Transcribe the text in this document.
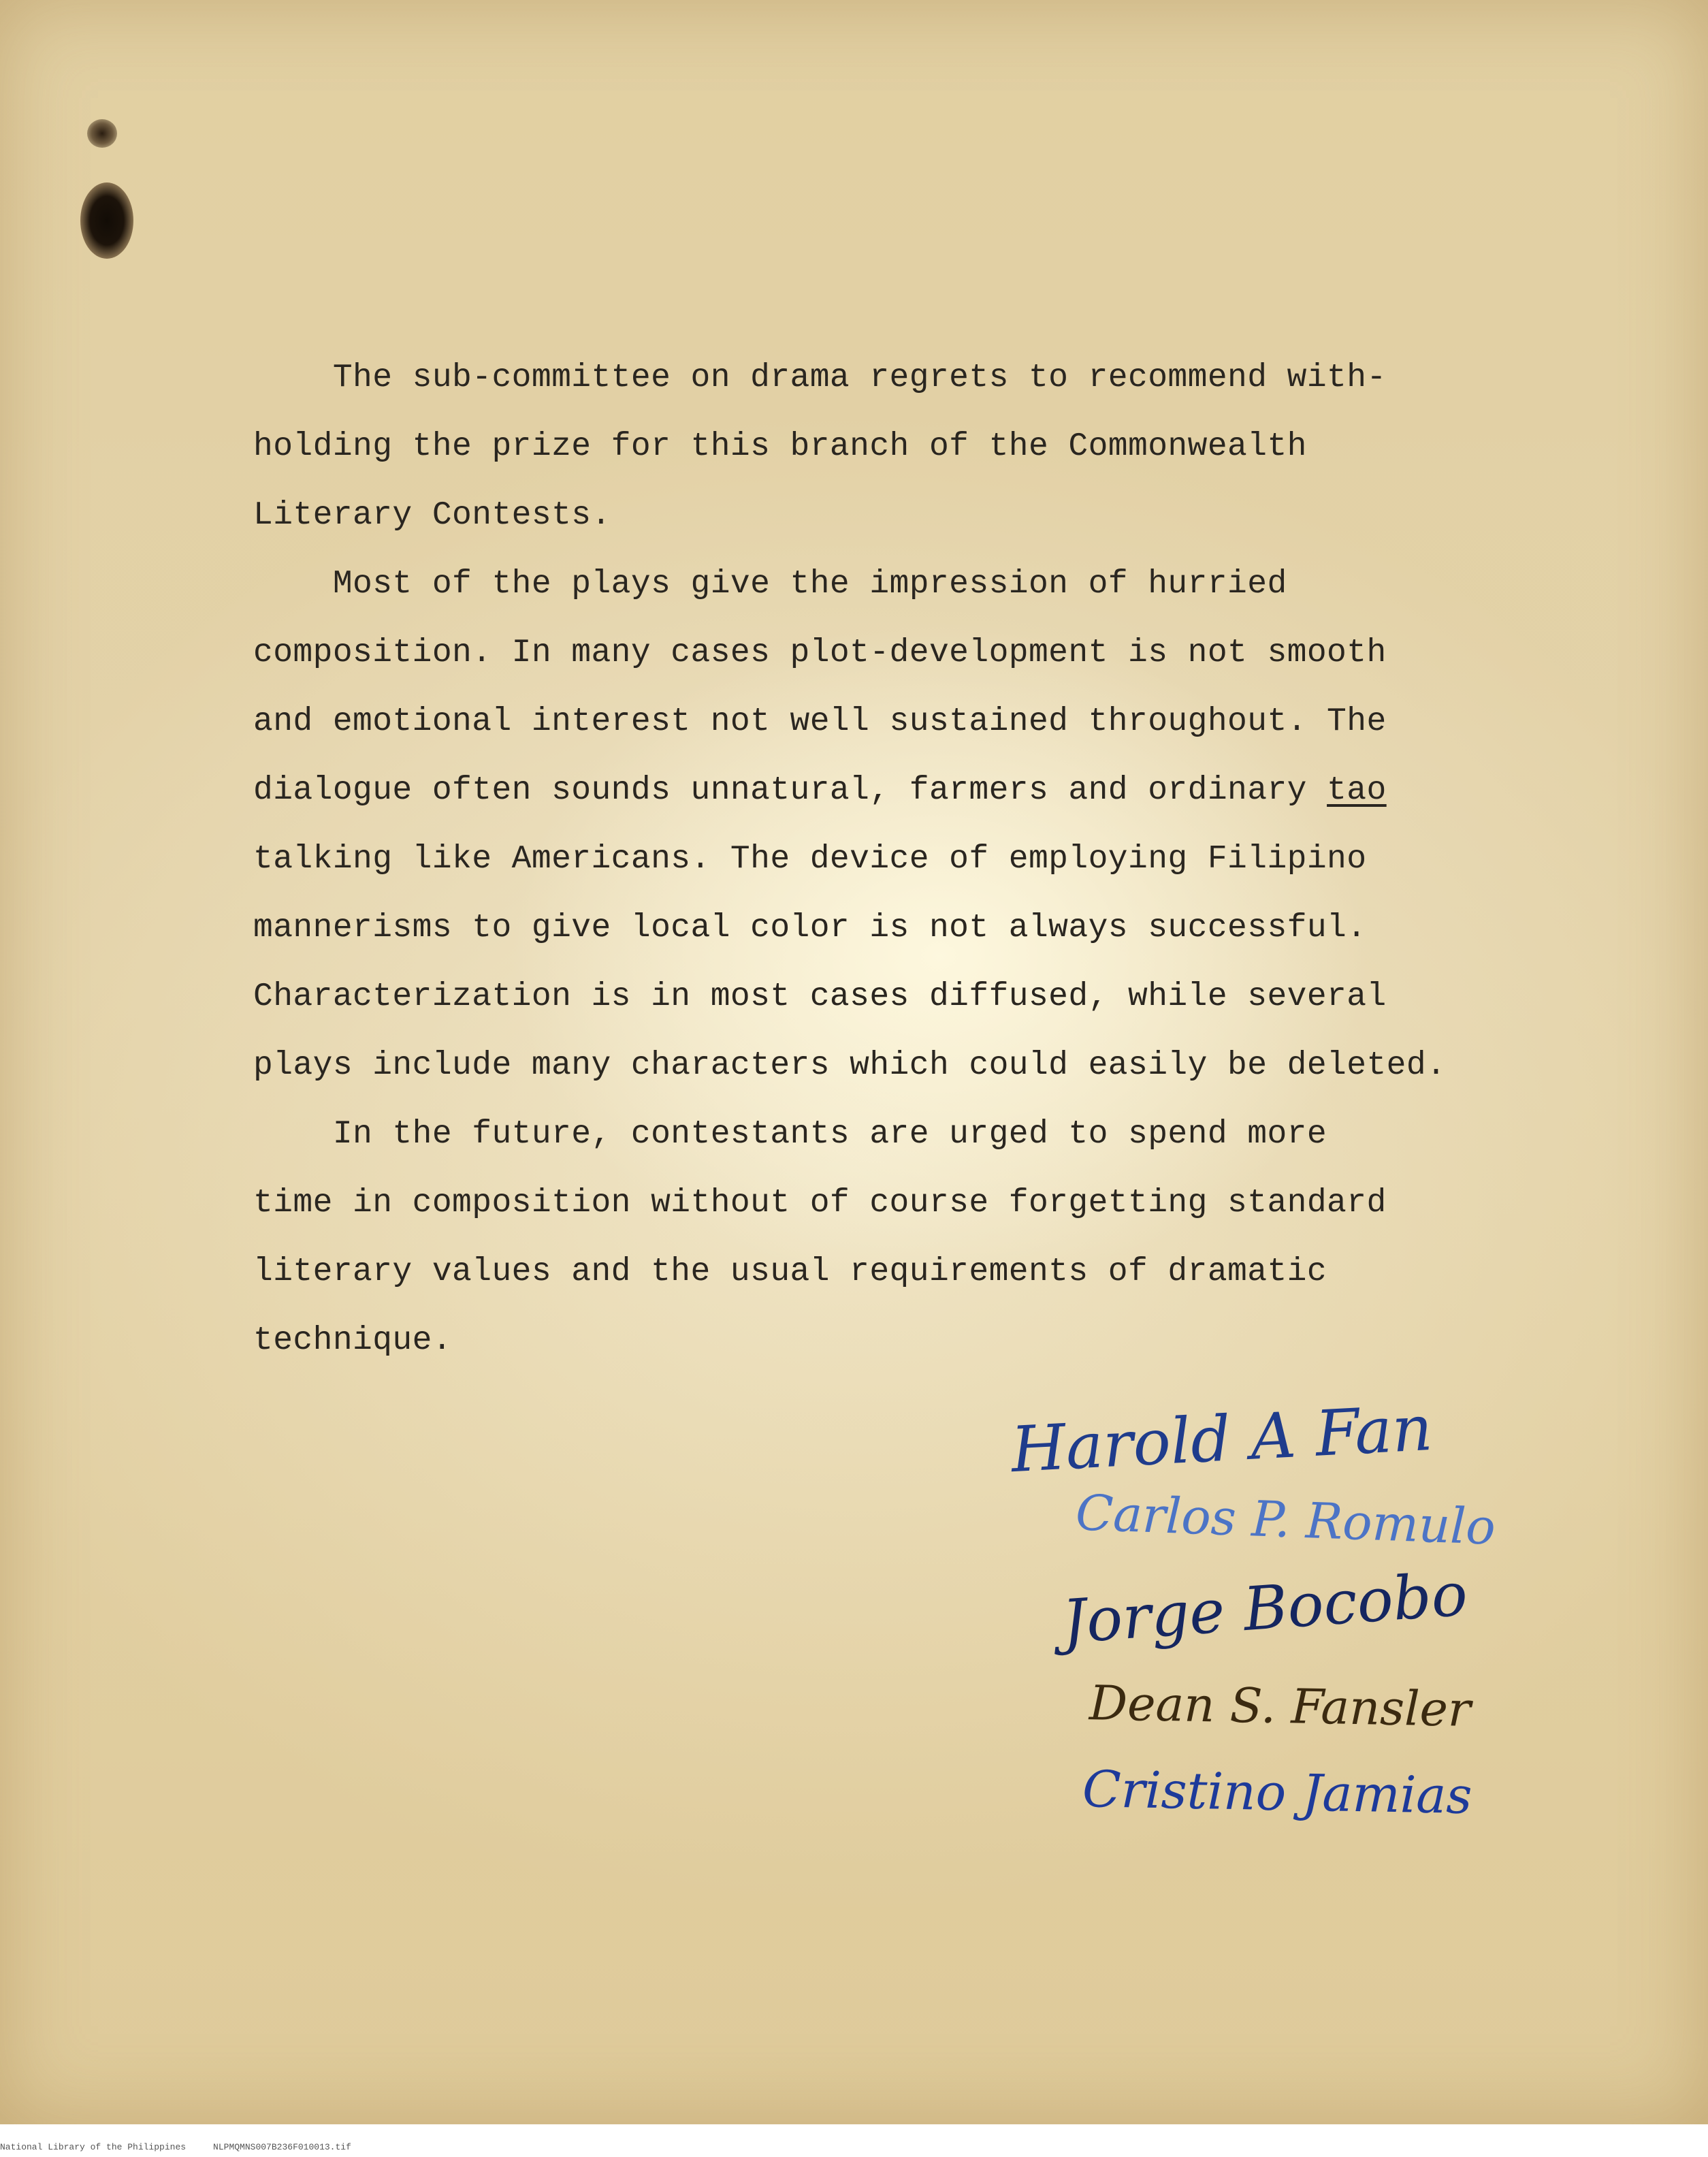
The sub-committee on drama regrets to recommend with-

holding the prize for this branch of the Commonwealth

Literary Contests.

Most of the plays give the impression of hurried

composition. In many cases plot-development is not smooth

and emotional interest not well sustained throughout. The

dialogue often sounds unnatural, farmers and ordinary tao

talking like Americans. The device of employing Filipino

mannerisms to give local color is not always successful.

Characterization is in most cases diffused, while several

plays include many characters which could easily be deleted.

In the future, contestants are urged to spend more

time in composition without of course forgetting standard

literary values and the usual requirements of dramatic

technique.

Harold A Fan
Carlos P. Romulo
Jorge Bocobo
Dean S. Fansler
Cristino Jamias
National Library of the Philippines	NLPMQMNS007B236F010013.tif
